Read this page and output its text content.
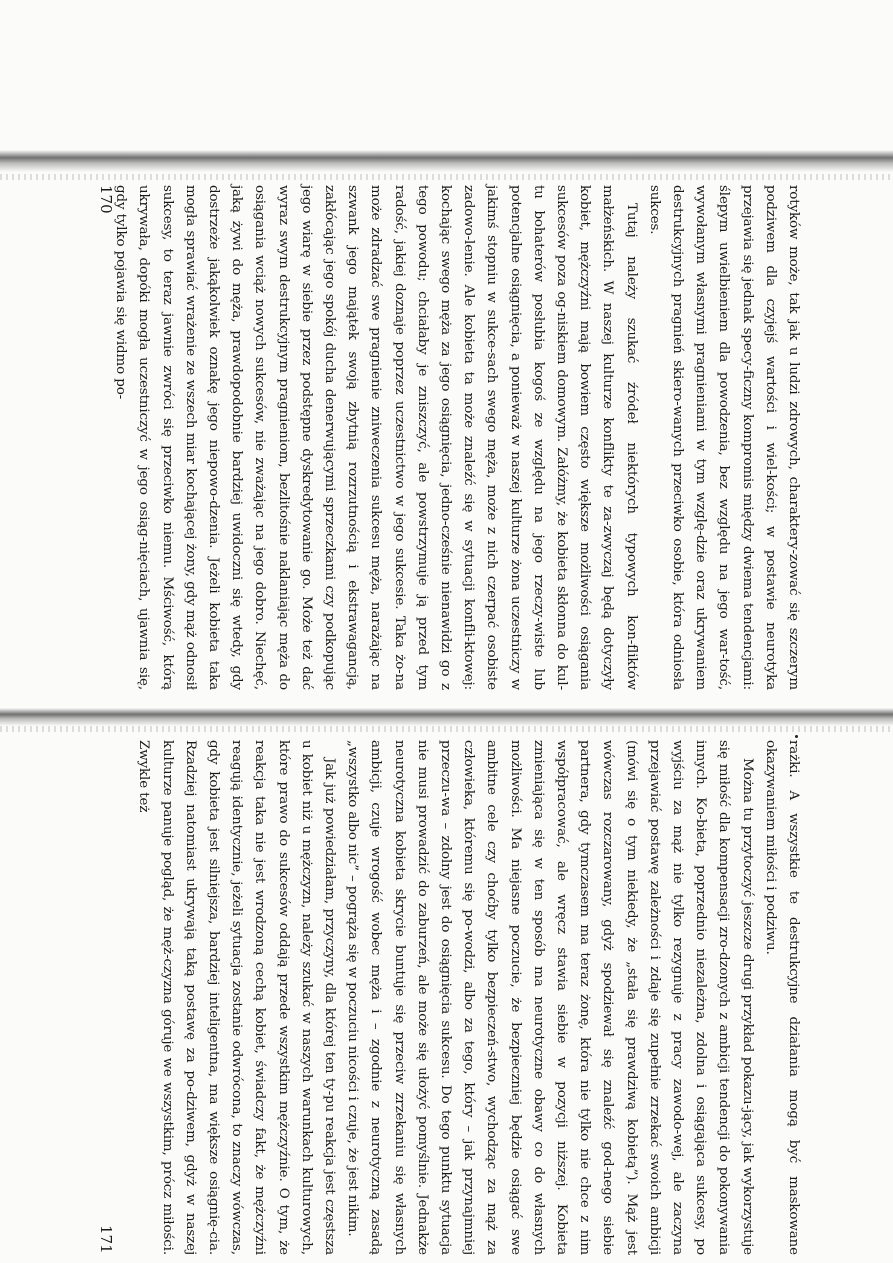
rotyków może, tak jak u ludzi zdrowych, charaktery-zować się szczerym podziwem dla czyjejś wartości i wiel-kości; w postawie neurotyka przejawia się jednak specy-ficzny kompromis między dwiema tendencjami: ślepym uwielbieniem dla powodzenia, bez względu na jego war-tość, wywołanym własnymi pragnieniami w tym wzglę-dzie oraz ukrywaniem destrukcyjnych pragnień skiero-wanych przeciwko osobie, która odniosła sukces.

Tutaj należy szukać źródeł niektórych typowych kon-fliktów małżeńskich. W naszej kulturze konflikty te za-zwyczaj będą dotyczyły kobiet, mężczyźni mają bowiem często większe możliwości osiągania sukcesów poza og-niskiem domowym. Załóżmy, że kobieta skłonna do kul-tu bohaterów posłubia kogoś ze względu na jego rzeczy-wiste lub potencjalne osiągnięcia, a ponieważ w naszej kulturze żona uczestniczy w jakimś stopniu w sukce-sach swego męża, może z nich czerpać osobiste zadowo-lenie. Ale kobieta ta może znaleźć się w sytuacji konfli-ktowej: kochając swego męża za jego osiągnięcia, jedno-cześnie nienawidzi go z tego powodu; chciałaby je zniszczyć, ale powstrzymuje ją przed tym radość, jakiej doznaje poprzez uczestnictwo w jego sukcesie. Taka żo-na może zdradzać swe pragnienie zniweczenia sukcesu męża, narażając na szwank jego majątek swoją zbytnią rozrzutnością i ekstrawagancją, zakłócając jego spokój ducha denerwującymi sprzeczkami czy podkopując jego wiarę w siebie przez podstępne dyskredytowanie go. Może też dać wyraz swym destrukcyjnym pragnieniom, bezlitośnie naklaniając męża do osiągania wciąż nowych sukcesów, nie zważając na jego dobro. Niechęć, jaką żywi do męża, prawdopodobnie bardziej uwidoczni się wtedy, gdy dostrzeże jakąkolwiek oznakę jego niepowo-dzenia. Jeżeli kobieta taka mogła sprawiać wrażenie ze wszech miar kochającej żony, gdy mąż odnosił sukcesy, to teraz jawnie zwróci się przeciwko niemu. Mściwość, którą ukrywała, dopóki mogła uczestniczyć w jego osiąg-nięciach, ujawnia się, gdy tylko pojawia się widmo po-

170

rażki. A wszystkie te destrukcyjne działania mogą być maskowane okazywaniem miłości i podziwu.

Można tu przytoczyć jeszcze drugi przykład pokazu-jący, jak wykorzystuje się miłość dla kompensacji zro-dzonych z ambicji tendencji do pokonywania innych. Ko-bieta, poprzednio niezależna, zdolna i osiągająca sukcesy, po wyjściu za mąż nie tylko rezygnuje z pracy zawodo-wej, ale zaczyna przejawiać postawę zależności i zdaje się zupełnie zrzekać swoich ambicji (mówi się o tym niekiedy, że „stała się prawdziwą kobietą”). Mąż jest wówczas rozczarowany, gdyż spodziewał się znaleźć god-nego siebie partnera, gdy tymczasem ma teraz żonę, która nie tylko nie chce z nim współpracować, ale wręcz stawia siebie w pozycji niższej. Kobieta zmieniająca się w ten sposób ma neurotyczne obawy co do własnych możliwości. Ma niejasne poczucie, że bezpieczniej będzie osiągać swe ambitne cele czy choćby tylko bezpieczeń-stwo, wychodząc za mąż za człowieka, któremu się po-wodzi, albo za tego, który – jak przynajmniej przeczu-wa – zdolny jest do osiągnięcia sukcesu. Do tego punktu sytuacja nie musi prowadzić do zaburzeń, ale może się ułożyć pomyślnie. Jednakże neurotyczna kobieta skrycie buntuje się przeciw zrzekaniu się własnych ambicji, czuje wrogość wobec męża i – zgodnie z neurotyczną zasadą „wszystko albo nic” – pogrąża się w poczuciu nicości i czuje, że jest nikim.

Jak już powiedziałam, przyczyny, dla której ten ty-pu reakcja jest częstsza u kobiet niż u mężczyzn, należy szukać w naszych warunkach kulturowych, które prawo do sukcesów oddają przede wszystkim mężczyźnie. O tym, że reakcja taka nie jest wrodzoną cechą kobiet, świadczy fakt, że mężczyźni reagują identycznie, jeżeli sytuacja zostanie odwrócona, to znaczy wówczas, gdy kobieta jest silniejsza, bardziej inteligentna, ma większe osiągnię-cia. Rzadziej natomiast ukrywają taką postawę za po-dziwem, gdyż w naszej kulturze panuje pogląd, że męż-czyzna góruje we wszystkim, prócz miłości. Zwykle też

171
